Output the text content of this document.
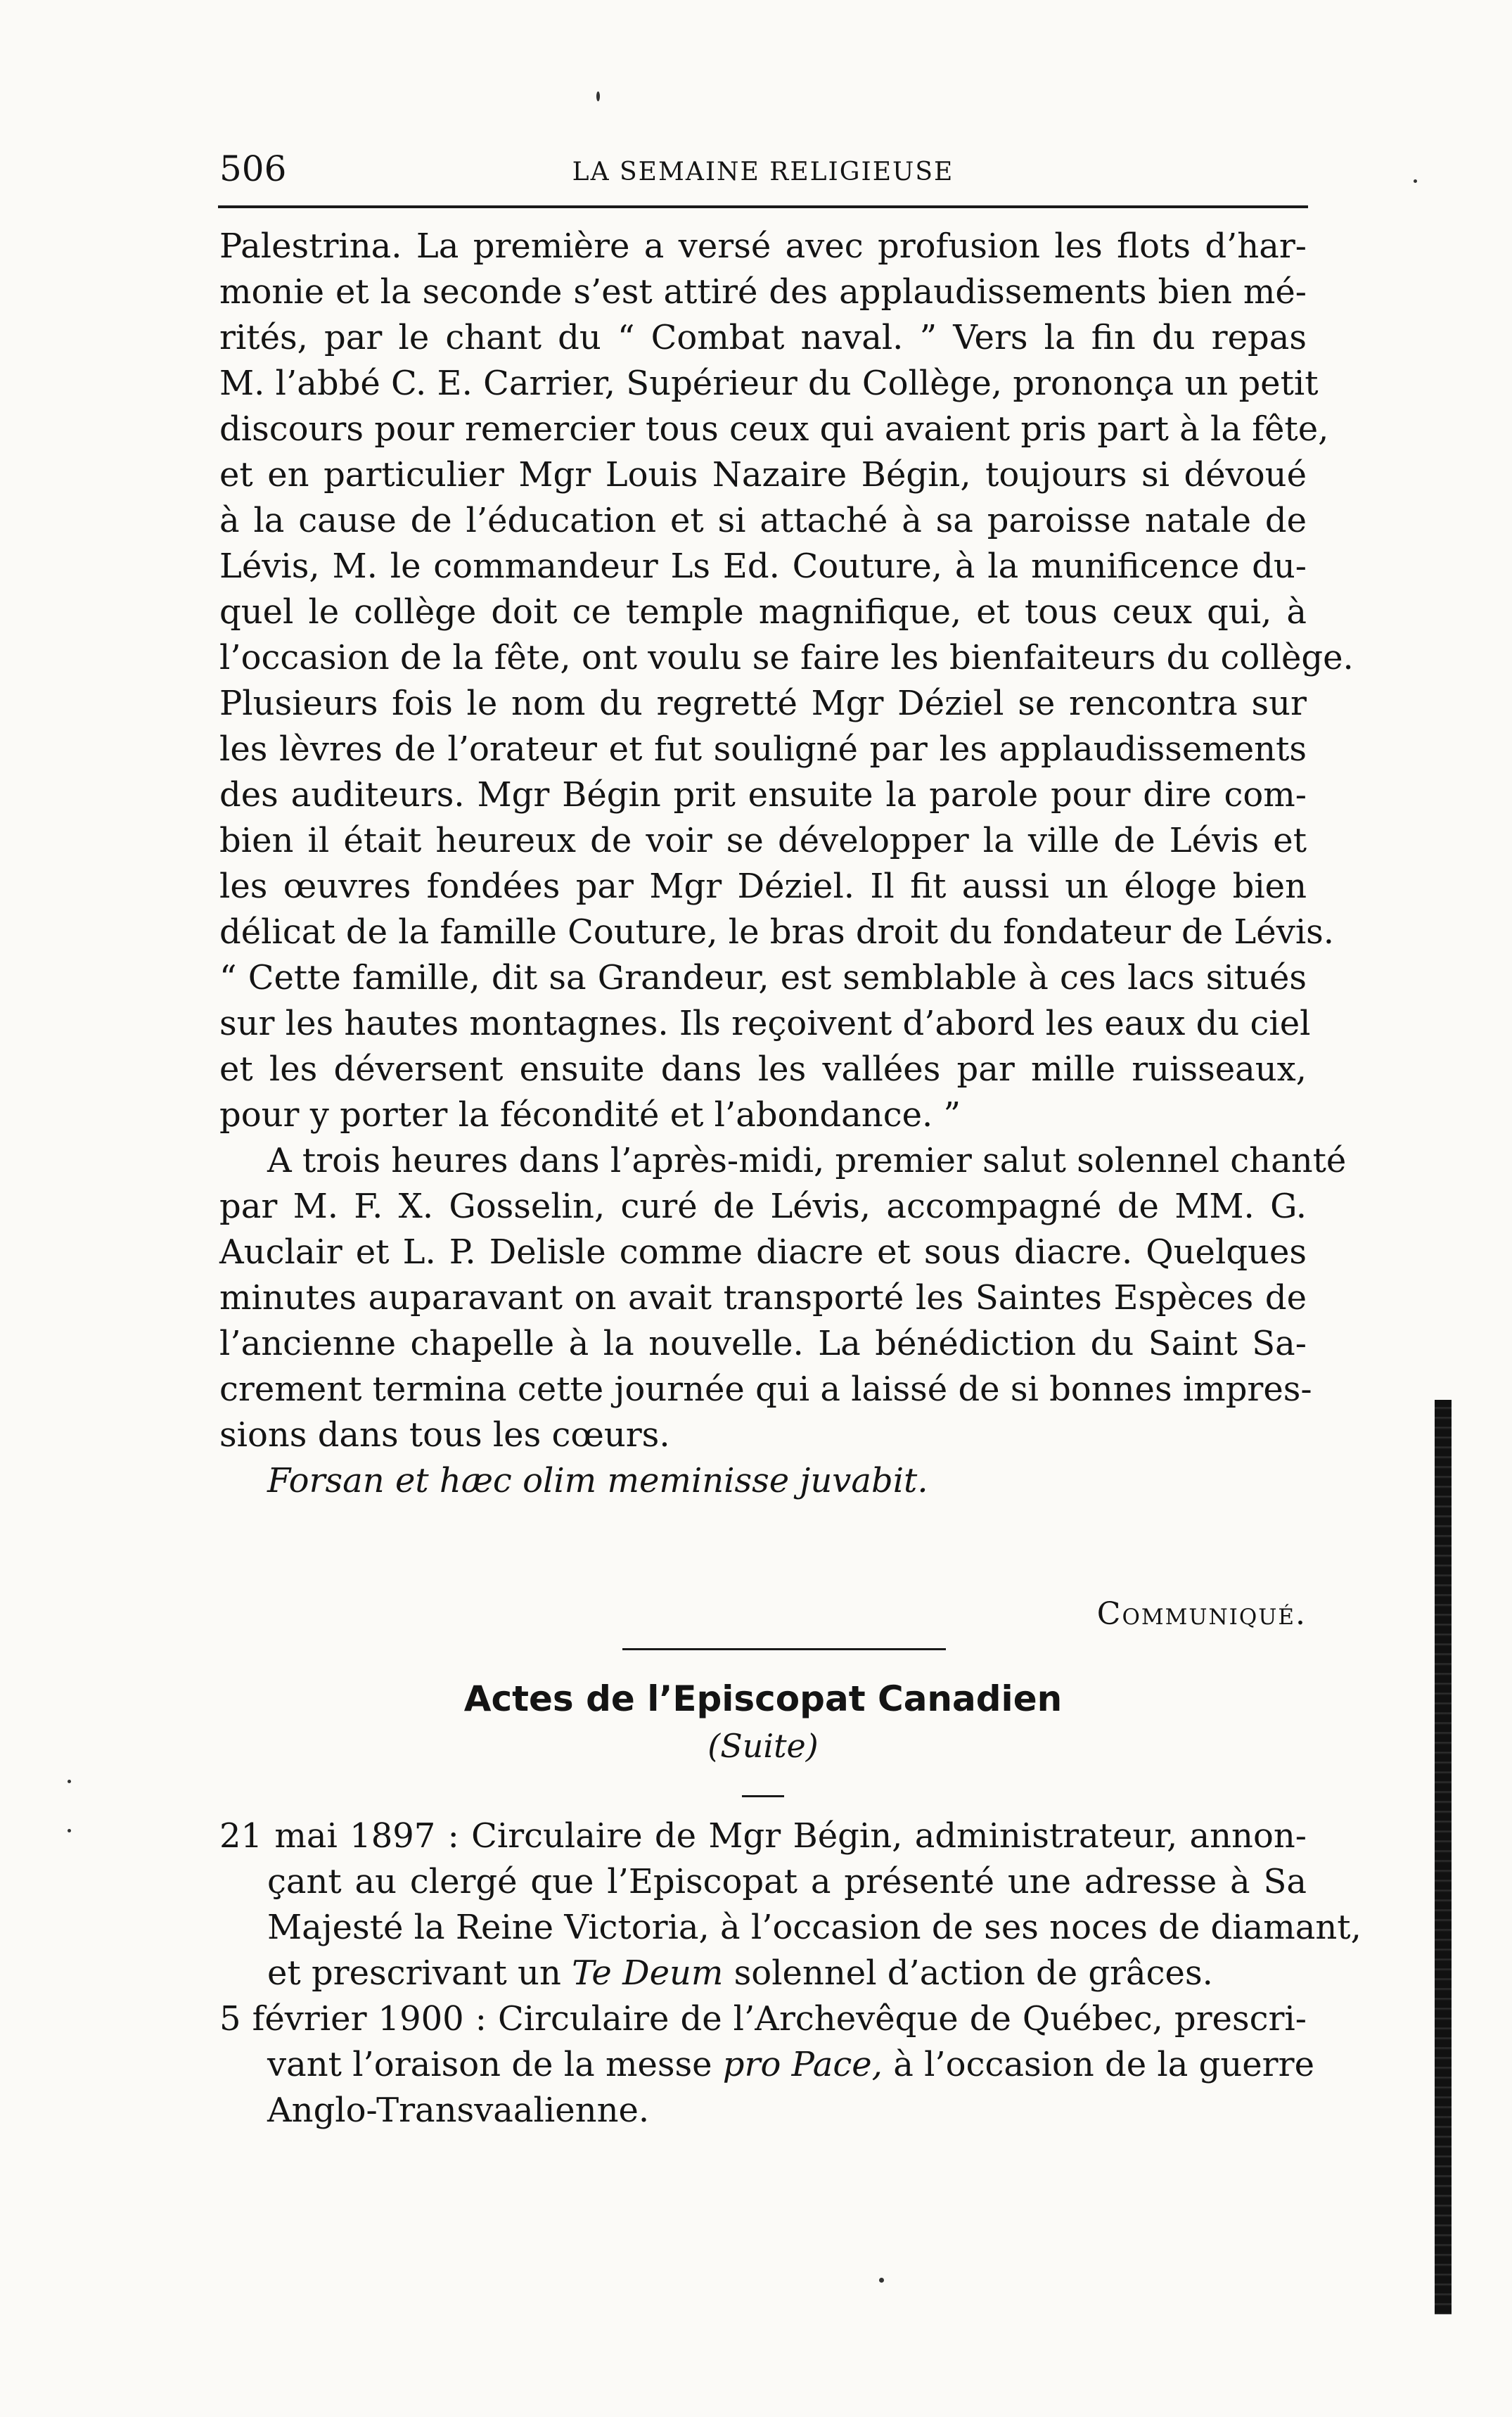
506	LA SEMAINE RELIGIEUSE
Palestrina. La première a versé avec profusion les flots d’har-
monie et la seconde s’est attiré des applaudissements bien mé-
rités, par le chant du “ Combat naval. ” Vers la fin du repas
M. l’abbé C. E. Carrier, Supérieur du Collège, prononça un petit
discours pour remercier tous ceux qui avaient pris part à la fête,
et en particulier Mgr Louis Nazaire Bégin, toujours si dévoué
à la cause de l’éducation et si attaché à sa paroisse natale de
Lévis, M. le commandeur Ls Ed. Couture, à la munificence du-
quel le collège doit ce temple magnifique, et tous ceux qui, à
l’occasion de la fête, ont voulu se faire les bienfaiteurs du collège.
Plusieurs fois le nom du regretté Mgr Déziel se rencontra sur
les lèvres de l’orateur et fut souligné par les applaudissements
des auditeurs. Mgr Bégin prit ensuite la parole pour dire com-
bien il était heureux de voir se développer la ville de Lévis et
les œuvres fondées par Mgr Déziel. Il fit aussi un éloge bien
délicat de la famille Couture, le bras droit du fondateur de Lévis.
“ Cette famille, dit sa Grandeur, est semblable à ces lacs situés
sur les hautes montagnes. Ils reçoivent d’abord les eaux du ciel
et les déversent ensuite dans les vallées par mille ruisseaux,
pour y porter la fécondité et l’abondance. ”
A trois heures dans l’après-midi, premier salut solennel chanté
par M. F. X. Gosselin, curé de Lévis, accompagné de MM. G.
Auclair et L. P. Delisle comme diacre et sous diacre. Quelques
minutes auparavant on avait transporté les Saintes Espèces de
l’ancienne chapelle à la nouvelle. La bénédiction du Saint Sa-
crement termina cette journée qui a laissé de si bonnes impres-
sions dans tous les cœurs.
Forsan et hæc olim meminisse juvabit.
Communiqué.
Actes de l’Episcopat Canadien
(Suite)
21 mai 1897 : Circulaire de Mgr Bégin, administrateur, annon-
çant au clergé que l’Episcopat a présenté une adresse à Sa
Majesté la Reine Victoria, à l’occasion de ses noces de diamant,
et prescrivant un Te Deum solennel d’action de grâces.
5 février 1900 : Circulaire de l’Archevêque de Québec, prescri-
vant l’oraison de la messe pro Pace, à l’occasion de la guerre
Anglo-Transvaalienne.
